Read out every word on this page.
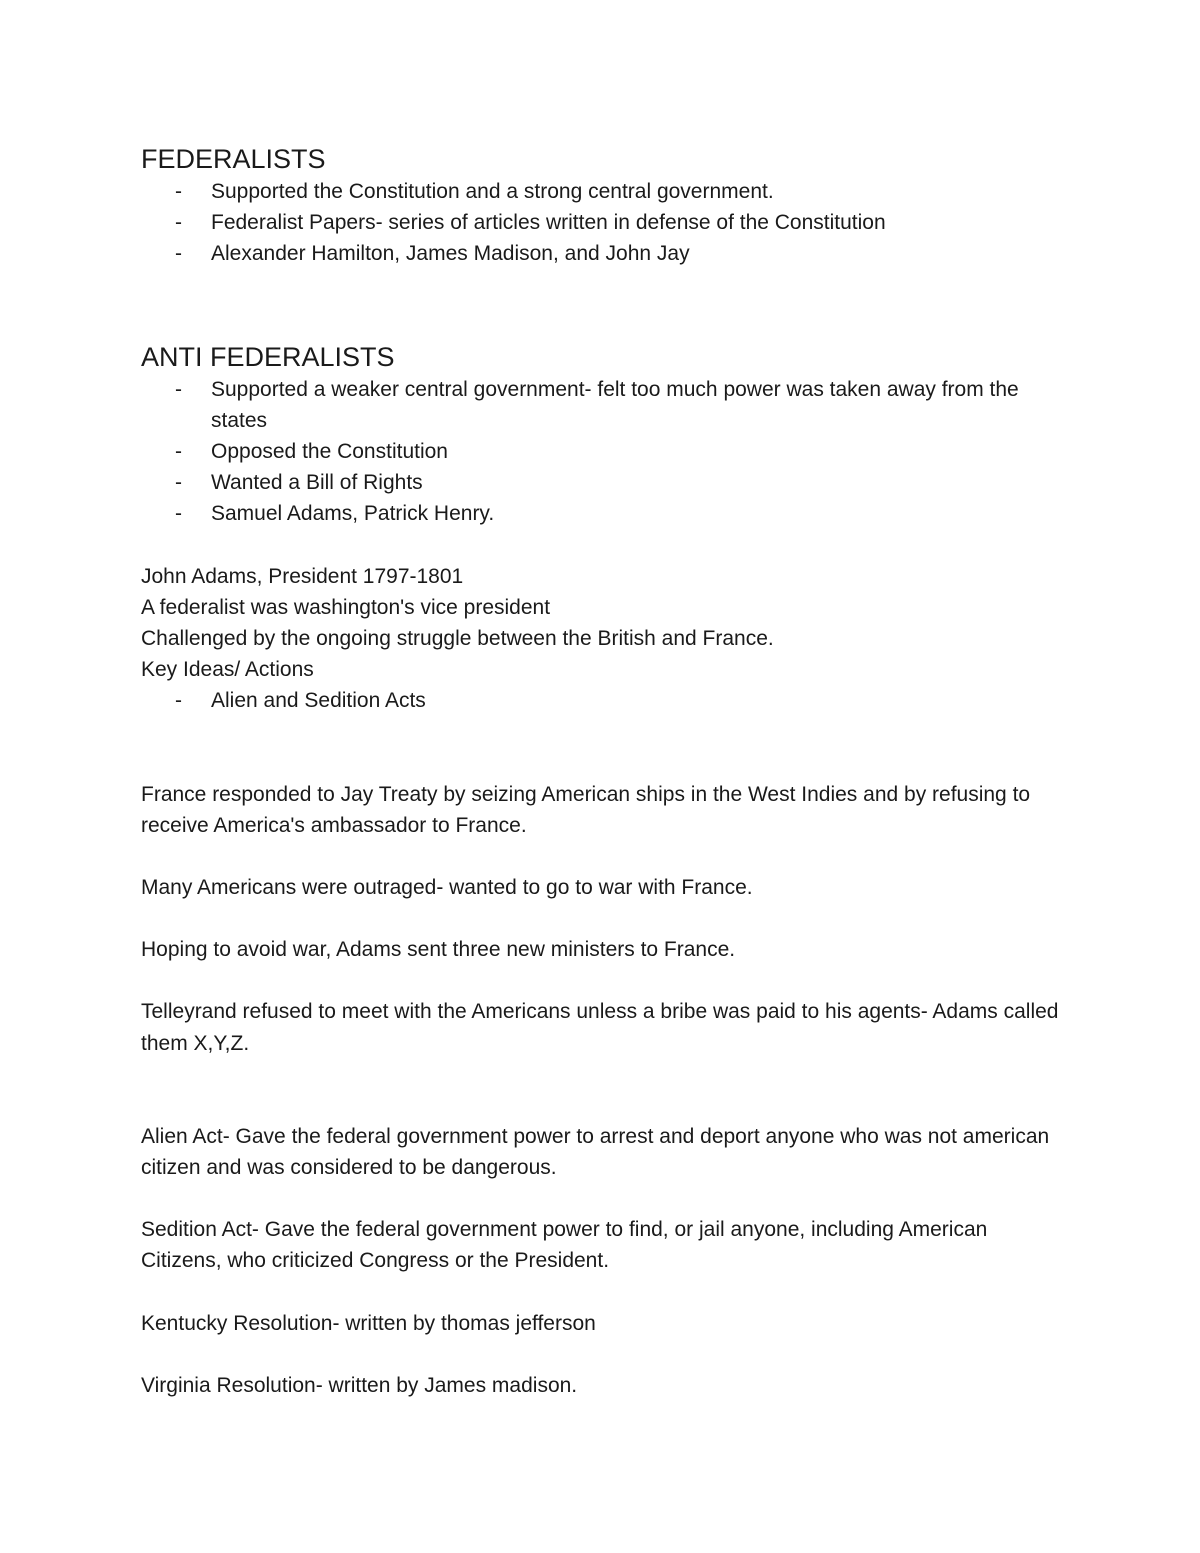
FEDERALISTS
- Supported the Constitution and a strong central government.
- Federalist Papers- series of articles written in defense of the Constitution
- Alexander Hamilton, James Madison, and John Jay
ANTI FEDERALISTS
- Supported a weaker central government- felt too much power was taken away from the states
- Opposed the Constitution
- Wanted a Bill of Rights
- Samuel Adams, Patrick Henry.

John Adams, President 1797-1801

A federalist was washington's vice president

Challenged by the ongoing struggle between the British and France.

Key Ideas/ Actions

- Alien and Sedition Acts

France responded to Jay Treaty by seizing American ships in the West Indies and by refusing to receive America's ambassador to France.

Many Americans were outraged- wanted to go to war with France.

Hoping to avoid war, Adams sent three new ministers to France.

Telleyrand refused to meet with the Americans unless a bribe was paid to his agents- Adams called them X,Y,Z.

Alien Act- Gave the federal government power to arrest and deport anyone who was not american citizen and was considered to be dangerous.

Sedition Act- Gave the federal government power to find, or jail anyone, including American Citizens, who criticized Congress or the President.

Kentucky Resolution- written by thomas jefferson

Virginia Resolution- written by James madison.
